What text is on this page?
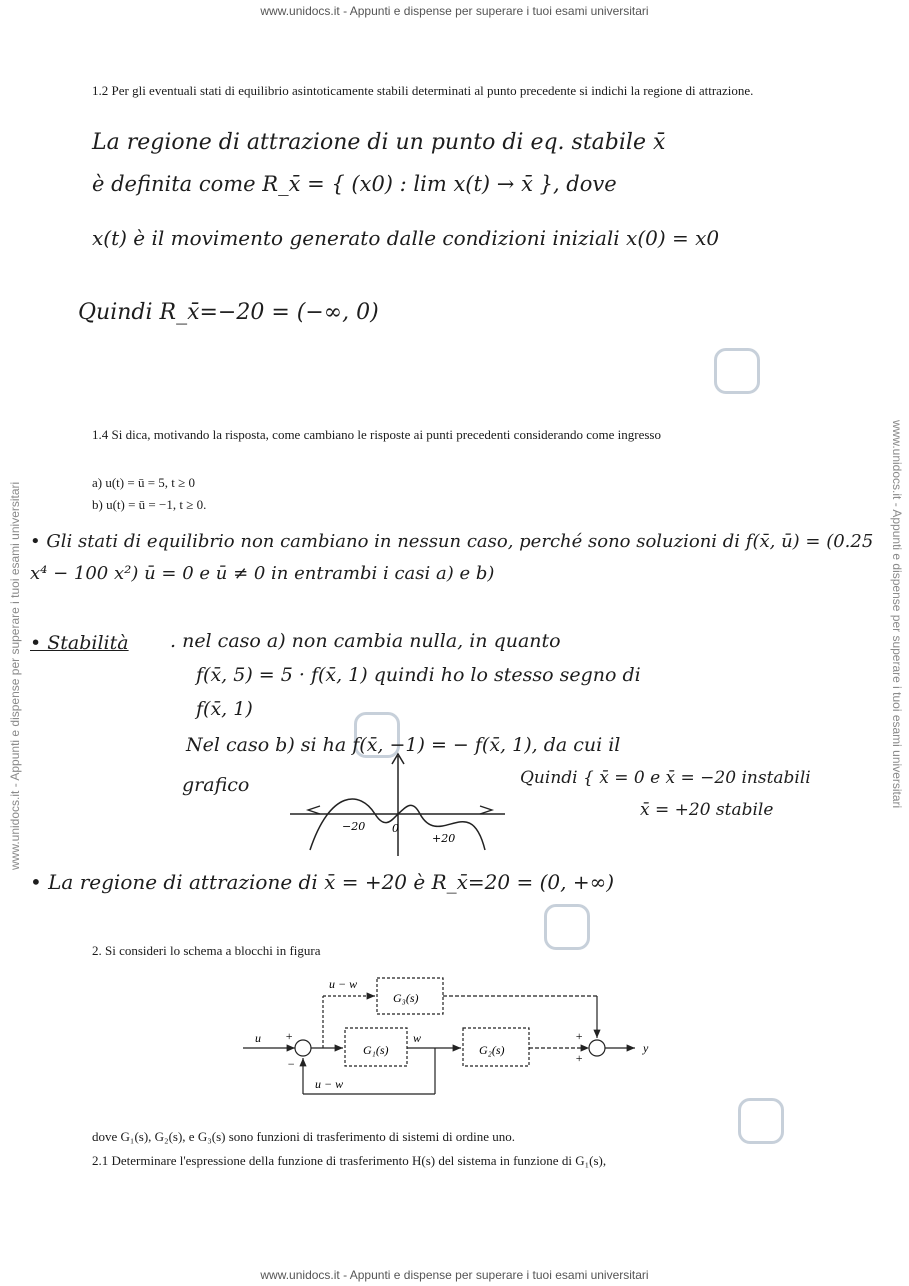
www.unidocs.it - Appunti e dispense per superare i tuoi esami universitari
www.unidocs.it - Appunti e dispense per superare i tuoi esami universitari
www.unidocs.it - Appunti e dispense per superare i tuoi esami universitari	www.unidocs.it - Appunti e dispense per superare i tuoi esami universitari
1.2 Per gli eventuali stati di equilibrio asintoticamente stabili determinati al punto precedente si indichi la regione di attrazione.
La regione di attrazione di un punto di eq. stabile x̄
è definita come R_x̄ = { (x0) : lim x(t) → x̄ }, dove
x(t) è il movimento generato dalle condizioni iniziali x(0) = x0
Quindi R_x̄=−20 = (−∞, 0)
1.4 Si dica, motivando la risposta, come cambiano le risposte ai punti precedenti considerando come ingresso
a) u(t) = ū = 5, t ≥ 0
b) u(t) = ū = −1, t ≥ 0.
• Gli stati di equilibrio non cambiano in nessun caso, perché sono soluzioni di f(x̄, ū) = (0.25 x⁴ − 100 x²) ū = 0 e ū ≠ 0 in entrambi i casi a) e b)
• Stabilità . nel caso a) non cambia nulla, in quanto
f(x̄, 5) = 5 · f(x̄, 1) quindi ho lo stesso segno di
f(x̄, 1)
Nel caso b) si ha f(x̄, −1) = − f(x̄, 1), da cui il
grafico	Quindi { x̄ = 0 e x̄ = −20 instabili
x̄ = +20 stabile
−20 0
+20
• La regione di attrazione di x̄ = +20 è R_x̄=20 = (0, +∞)
2. Si consideri lo schema a blocchi in figura
u
y
G₁(s)	G₂(s)
G₃(s)
w
u − w
u − w
+
−
+
+
dove G₁(s), G₂(s), e G₃(s) sono funzioni di trasferimento di sistemi di ordine uno.
2.1 Determinare l'espressione della funzione di trasferimento H(s) del sistema in funzione di G₁(s),
